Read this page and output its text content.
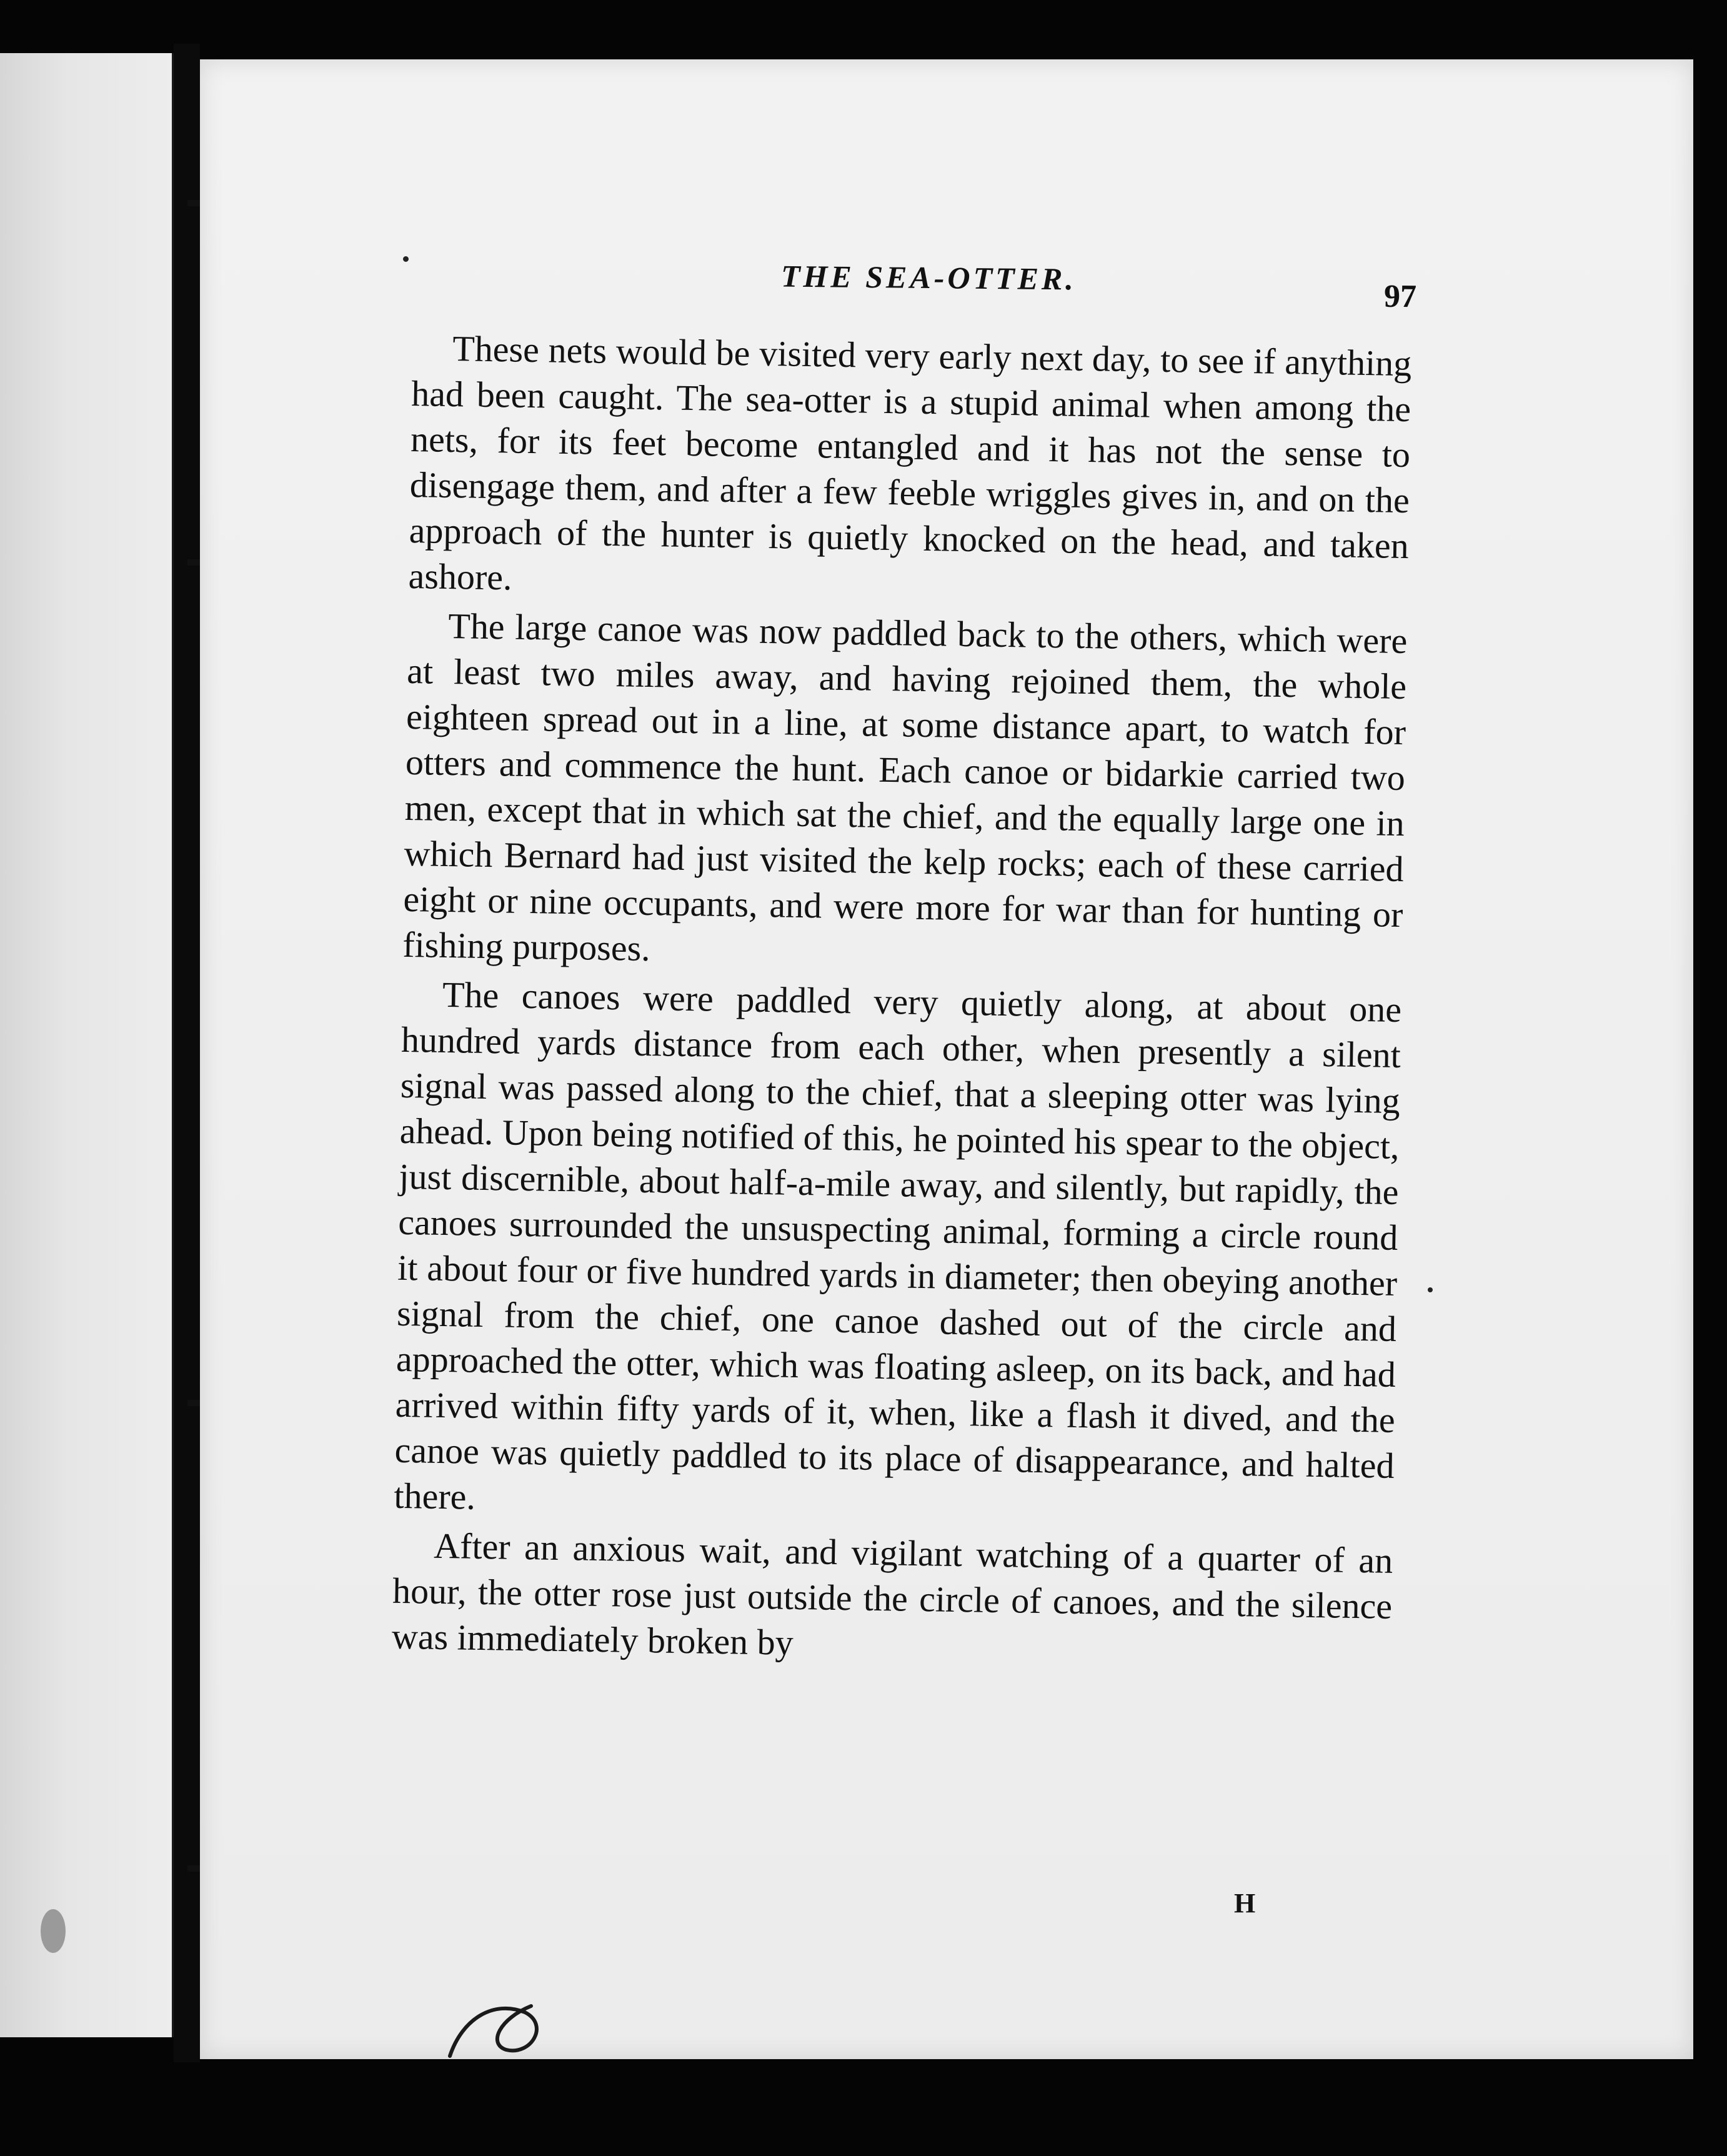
THE SEA-OTTER.
97

These nets would be visited very early next day, to see if anything had been caught. The sea-otter is a stupid animal when among the nets, for its feet become entangled and it has not the sense to disengage them, and after a few feeble wriggles gives in, and on the approach of the hunter is quietly knocked on the head, and taken ashore.

The large canoe was now paddled back to the others, which were at least two miles away, and having rejoined them, the whole eighteen spread out in a line, at some distance apart, to watch for otters and commence the hunt. Each canoe or bidarkie carried two men, except that in which sat the chief, and the equally large one in which Bernard had just visited the kelp rocks; each of these carried eight or nine occupants, and were more for war than for hunting or fishing purposes.

The canoes were paddled very quietly along, at about one hundred yards distance from each other, when presently a silent signal was passed along to the chief, that a sleeping otter was lying ahead. Upon being notified of this, he pointed his spear to the object, just discernible, about half-a-mile away, and silently, but rapidly, the canoes surrounded the unsuspecting animal, forming a circle round it about four or five hundred yards in diameter; then obeying another signal from the chief, one canoe dashed out of the circle and approached the otter, which was floating asleep, on its back, and had arrived within fifty yards of it, when, like a flash it dived, and the canoe was quietly paddled to its place of disappearance, and halted there.

After an anxious wait, and vigilant watching of a quarter of an hour, the otter rose just outside the circle of canoes, and the silence was immediately broken by

H
